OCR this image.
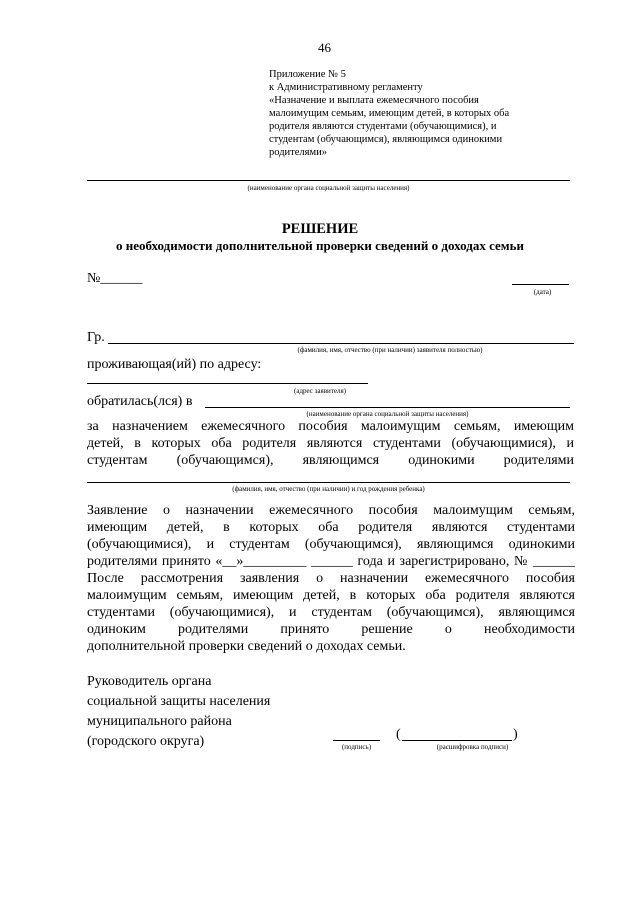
46
Приложение № 5
к Административному регламенту
«Назначение и выплата ежемесячного пособия
малоимущим семьям, имеющим детей, в которых оба
родителя являются студентами (обучающимися), и
студентам (обучающимся), являющимся одинокими
родителями»
(наименование органа социальной защиты населения)
РЕШЕНИЕ
о необходимости дополнительной проверки сведений о доходах семьи
№______
(дата)
Гр.
(фамилия, имя, отчество (при наличии) заявителя полностью)
проживающая(ий) по адресу:
(адрес заявителя)
обратилась(лся) в
(наименование органа социальной защиты населения)
за назначением ежемесячного пособия малоимущим семьям, имеющим
детей, в которых оба родителя являются студентами (обучающимися), и
студентам (обучающимся), являющимся одинокими родителями
(фамилия, имя, отчество (при наличии) и год рождения ребенка)
Заявление о назначении ежемесячного пособия малоимущим семьям,
имеющим детей, в которых оба родителя являются студентами
(обучающимися), и студентам (обучающимся), являющимся одинокими
родителями принято «__»_________ ______ года и зарегистрировано, № ______
После рассмотрения заявления о назначении ежемесячного пособия
малоимущим семьям, имеющим детей, в которых оба родителя являются
студентами (обучающимися), и студентам (обучающимся), являющимся
одиноким родителями принято решение о необходимости
дополнительной проверки сведений о доходах семьи.
Руководитель органа
социальной защиты населения
муниципального района
(городского округа)	(подпись)
(	)
(расшифровка подписи)
